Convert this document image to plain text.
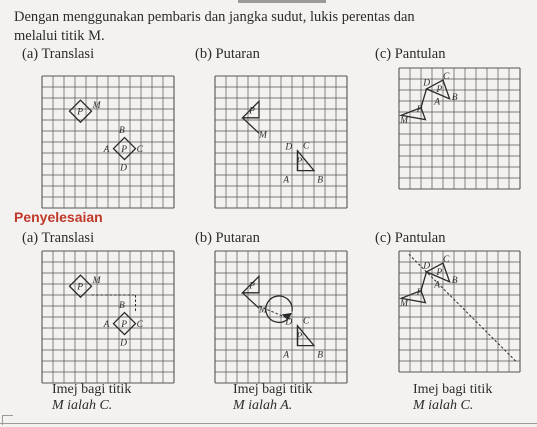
Dengan menggunakan pembaris dan jangka sudut, lukis perentas dan melalui titik M.
(a) Translasi	(b) Putaran	(c) Pantulan
Penyelesaian
(a) Translasi	(b) Putaran	(c) Pantulan
Imej bagi titik
M ialah C.
Imej bagi titik
M ialah A.
Imej bagi titik
M ialah C.
M
P
B
A P C
D
M
P
B
A P C
D
P
M
D C
P
A	B
P
M
D C
P
A	B
C
D
P
A B
P
M
C
D
P
A B
P
M
